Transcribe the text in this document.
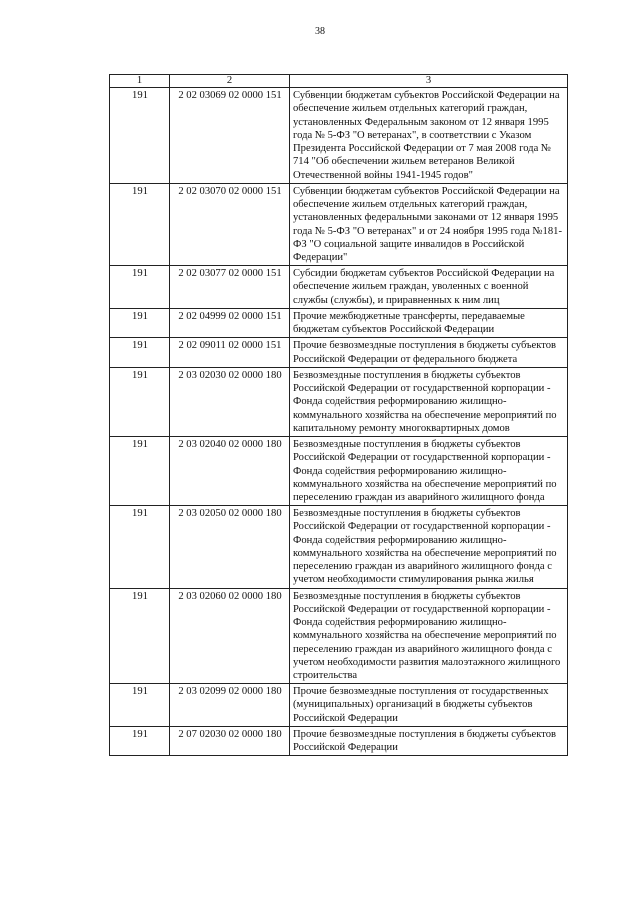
38
1	2	3
191	2 02 03069 02 0000 151	Субвенции бюджетам субъектов Российской Федерации на обеспечение жильем отдельных категорий граждан, установленных Федеральным законом от 12 января 1995 года № 5-ФЗ "О ветеранах", в соответствии с Указом Президента Российской Федерации от 7 мая 2008 года № 714 "Об обеспечении жильем ветеранов Великой Отечественной войны 1941-1945 годов"
191	2 02 03070 02 0000 151	Субвенции бюджетам субъектов Российской Федерации на обеспечение жильем отдельных категорий граждан, установленных федеральными законами от 12 января 1995 года № 5-ФЗ "О ветеранах" и от 24 ноября 1995 года №181-ФЗ "О социальной защите инвалидов в Российской Федерации"
191	2 02 03077 02 0000 151	Субсидии бюджетам субъектов Российской Федерации на обеспечение жильем граждан, уволенных с военной службы (службы), и приравненных к ним лиц
191	2 02 04999 02 0000 151	Прочие межбюджетные трансферты, передаваемые бюджетам субъектов Российской Федерации
191	2 02 09011 02 0000 151	Прочие безвозмездные поступления в бюджеты субъектов Российской Федерации от федерального бюджета
191	2 03 02030 02 0000 180	Безвозмездные поступления в бюджеты субъектов Российской Федерации от государственной корпорации - Фонда содействия реформированию жилищно-коммунального хозяйства на обеспечение мероприятий по капитальному ремонту многоквартирных домов
191	2 03 02040 02 0000 180	Безвозмездные поступления в бюджеты субъектов Российской Федерации от государственной корпорации - Фонда содействия реформированию жилищно-коммунального хозяйства на обеспечение мероприятий по переселению граждан из аварийного жилищного фонда
191	2 03 02050 02 0000 180	Безвозмездные поступления в бюджеты субъектов Российской Федерации от государственной корпорации - Фонда содействия реформированию жилищно-коммунального хозяйства на обеспечение мероприятий по переселению граждан из аварийного жилищного фонда с учетом необходимости стимулирования рынка жилья
191	2 03 02060 02 0000 180	Безвозмездные поступления в бюджеты субъектов Российской Федерации от государственной корпорации - Фонда содействия реформированию жилищно-коммунального хозяйства на обеспечение мероприятий по переселению граждан из аварийного жилищного фонда с учетом необходимости развития малоэтажного жилищного строительства
191	2 03 02099 02 0000 180	Прочие безвозмездные поступления от государственных (муниципальных) организаций в бюджеты субъектов Российской Федерации
191	2 07 02030 02 0000 180	Прочие безвозмездные поступления в бюджеты субъектов Российской Федерации
